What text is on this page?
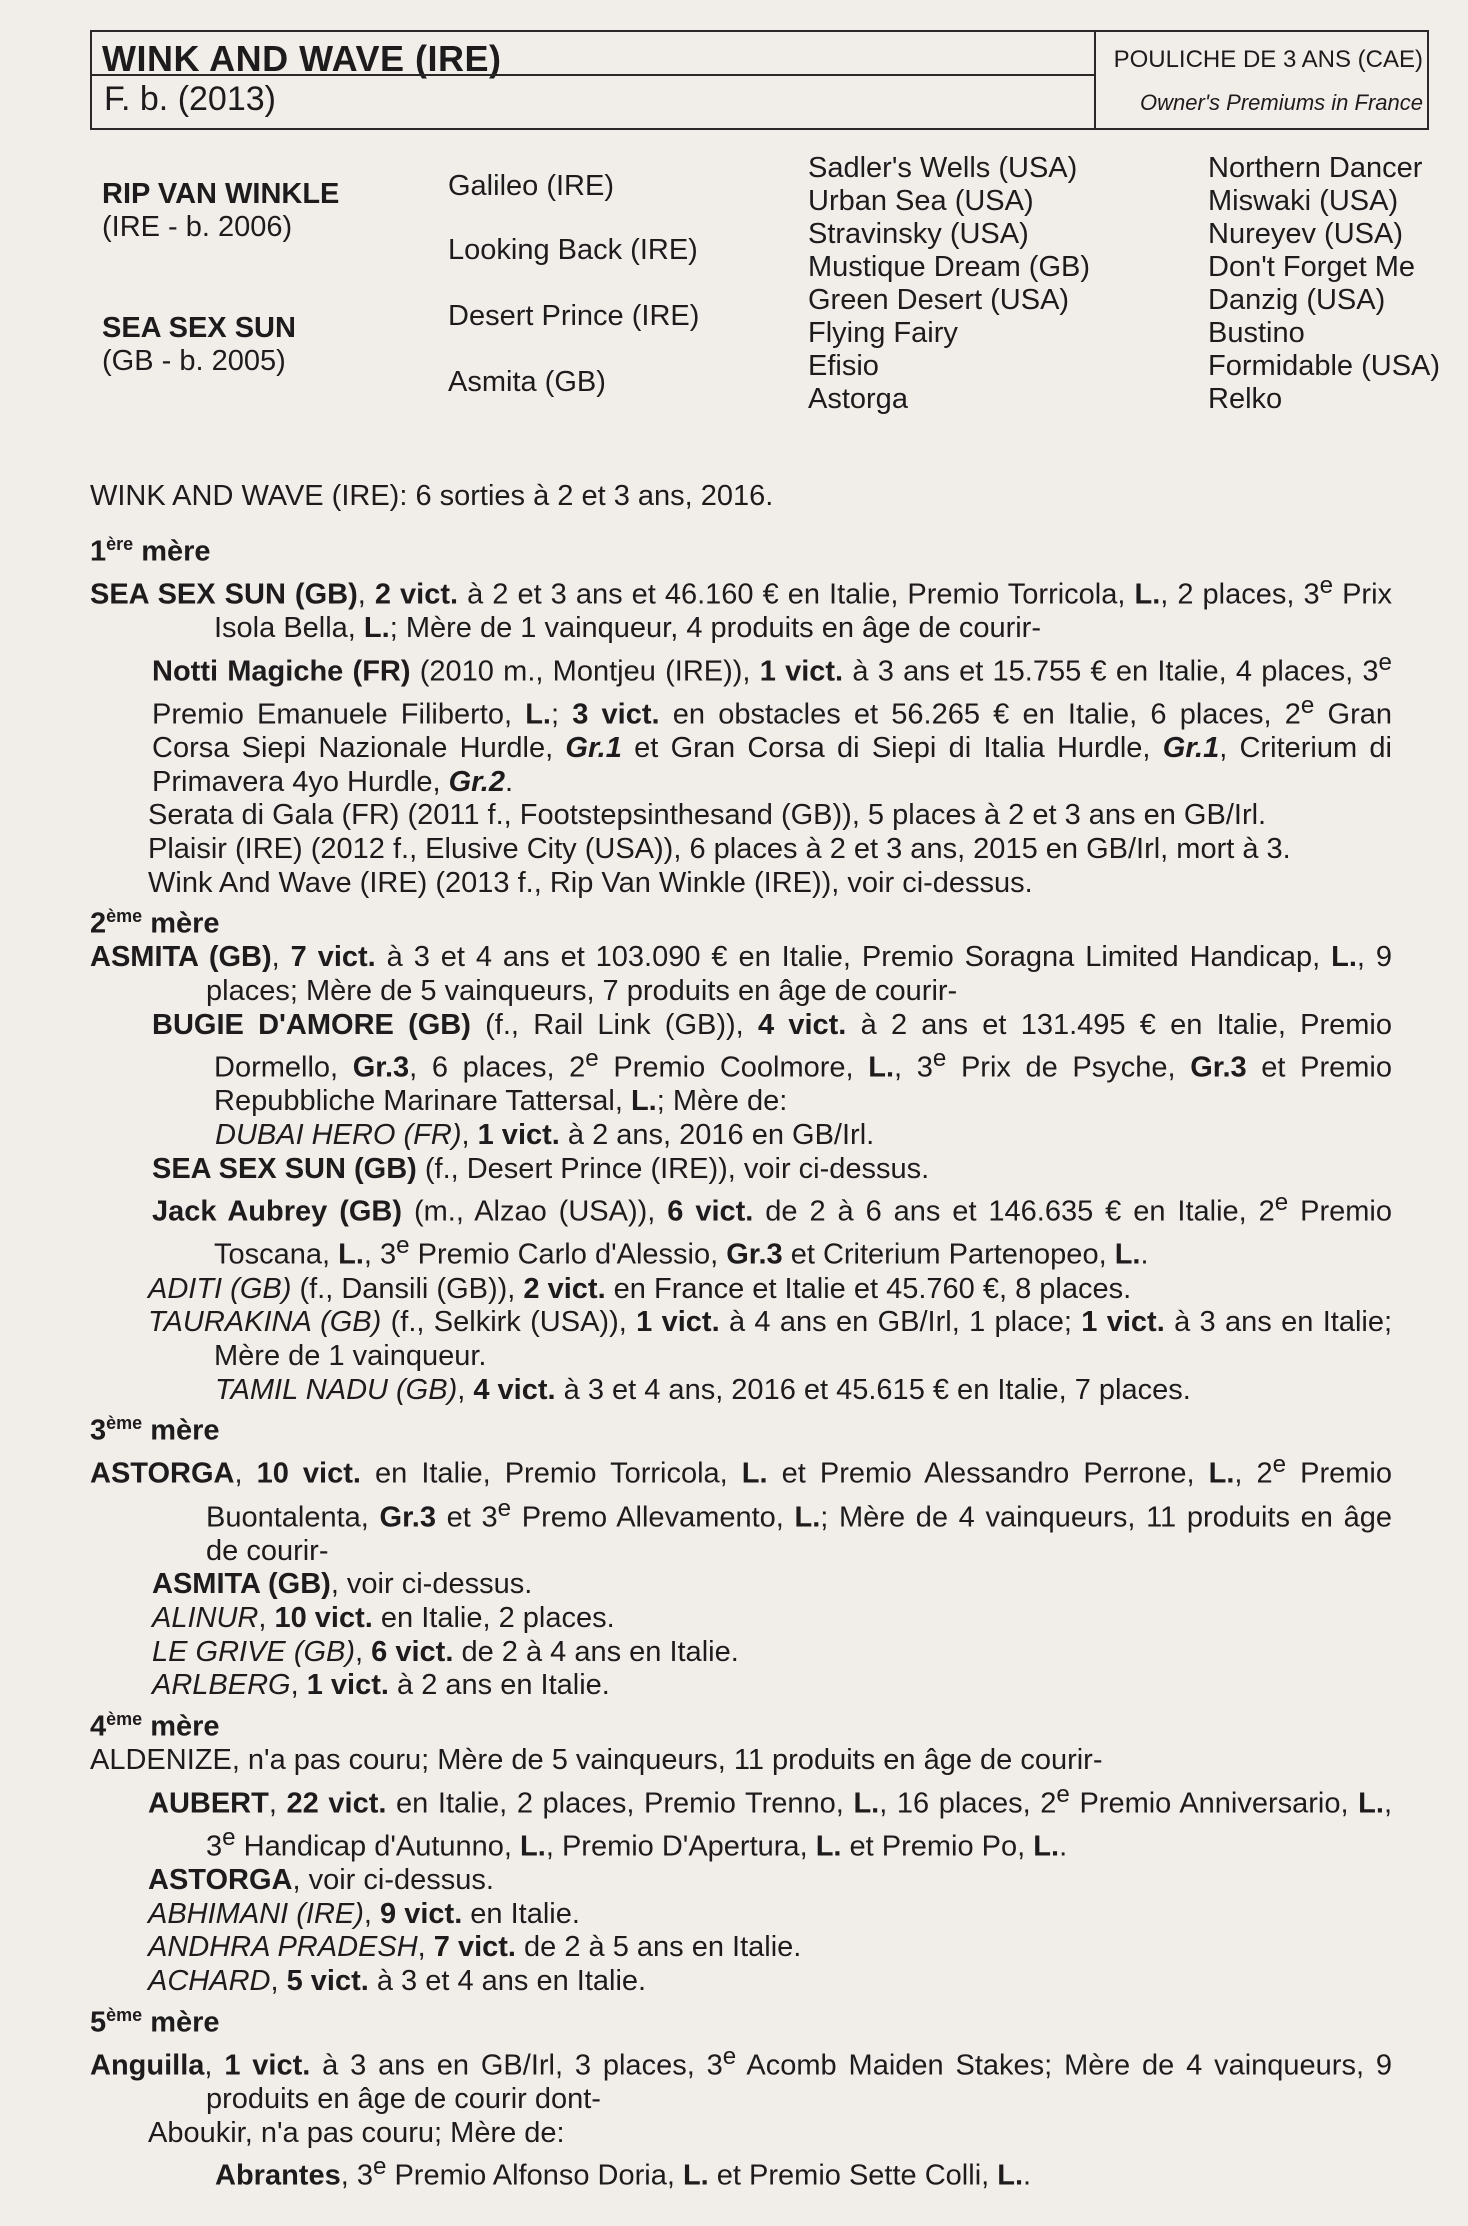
WINK AND WAVE (IRE)
F. b. (2013)
POULICHE DE 3 ANS (CAE)
Owner's Premiums in France
RIP VAN WINKLE
(IRE - b. 2006)
SEA SEX SUN
(GB - b. 2005)
Galileo (IRE)
Looking Back (IRE)
Desert Prince (IRE)
Asmita (GB)
Sadler's Wells (USA)
Urban Sea (USA)
Stravinsky (USA)
Mustique Dream (GB)
Green Desert (USA)
Flying Fairy
Efisio
Astorga
Northern Dancer
Miswaki (USA)
Nureyev (USA)
Don't Forget Me
Danzig (USA)
Bustino
Formidable (USA)
Relko

WINK AND WAVE (IRE): 6 sorties à 2 et 3 ans, 2016.

1ère mère

SEA SEX SUN (GB), 2 vict. à 2 et 3 ans et 46.160 € en Italie, Premio Torricola, L., 2 places, 3e Prix Isola Bella, L.; Mère de 1 vainqueur, 4 produits en âge de courir-

Notti Magiche (FR) (2010 m., Montjeu (IRE)), 1 vict. à 3 ans et 15.755 € en Italie, 4 places, 3e Premio Emanuele Filiberto, L.; 3 vict. en obstacles et 56.265 € en Italie, 6 places, 2e Gran Corsa Siepi Nazionale Hurdle, Gr.1 et Gran Corsa di Siepi di Italia Hurdle, Gr.1, Criterium di Primavera 4yo Hurdle, Gr.2.

Serata di Gala (FR) (2011 f., Footstepsinthesand (GB)), 5 places à 2 et 3 ans en GB/Irl.

Plaisir (IRE) (2012 f., Elusive City (USA)), 6 places à 2 et 3 ans, 2015 en GB/Irl, mort à 3.

Wink And Wave (IRE) (2013 f., Rip Van Winkle (IRE)), voir ci-dessus.

2ème mère

ASMITA (GB), 7 vict. à 3 et 4 ans et 103.090 € en Italie, Premio Soragna Limited Handicap, L., 9 places; Mère de 5 vainqueurs, 7 produits en âge de courir-

BUGIE D'AMORE (GB) (f., Rail Link (GB)), 4 vict. à 2 ans et 131.495 € en Italie, Premio Dormello, Gr.3, 6 places, 2e Premio Coolmore, L., 3e Prix de Psyche, Gr.3 et Premio Repubbliche Marinare Tattersal, L.; Mère de:

DUBAI HERO (FR), 1 vict. à 2 ans, 2016 en GB/Irl.

SEA SEX SUN (GB) (f., Desert Prince (IRE)), voir ci-dessus.

Jack Aubrey (GB) (m., Alzao (USA)), 6 vict. de 2 à 6 ans et 146.635 € en Italie, 2e Premio Toscana, L., 3e Premio Carlo d'Alessio, Gr.3 et Criterium Partenopeo, L..

ADITI (GB) (f., Dansili (GB)), 2 vict. en France et Italie et 45.760 €, 8 places.

TAURAKINA (GB) (f., Selkirk (USA)), 1 vict. à 4 ans en GB/Irl, 1 place; 1 vict. à 3 ans en Italie; Mère de 1 vainqueur.

TAMIL NADU (GB), 4 vict. à 3 et 4 ans, 2016 et 45.615 € en Italie, 7 places.

3ème mère

ASTORGA, 10 vict. en Italie, Premio Torricola, L. et Premio Alessandro Perrone, L., 2e Premio Buontalenta, Gr.3 et 3e Premo Allevamento, L.; Mère de 4 vainqueurs, 11 produits en âge de courir-

ASMITA (GB), voir ci-dessus.

ALINUR, 10 vict. en Italie, 2 places.

LE GRIVE (GB), 6 vict. de 2 à 4 ans en Italie.

ARLBERG, 1 vict. à 2 ans en Italie.

4ème mère

ALDENIZE, n'a pas couru; Mère de 5 vainqueurs, 11 produits en âge de courir-

AUBERT, 22 vict. en Italie, 2 places, Premio Trenno, L., 16 places, 2e Premio Anniversario, L., 3e Handicap d'Autunno, L., Premio D'Apertura, L. et Premio Po, L..

ASTORGA, voir ci-dessus.

ABHIMANI (IRE), 9 vict. en Italie.

ANDHRA PRADESH, 7 vict. de 2 à 5 ans en Italie.

ACHARD, 5 vict. à 3 et 4 ans en Italie.

5ème mère

Anguilla, 1 vict. à 3 ans en GB/Irl, 3 places, 3e Acomb Maiden Stakes; Mère de 4 vainqueurs, 9 produits en âge de courir dont-

Aboukir, n'a pas couru; Mère de:

Abrantes, 3e Premio Alfonso Doria, L. et Premio Sette Colli, L..
